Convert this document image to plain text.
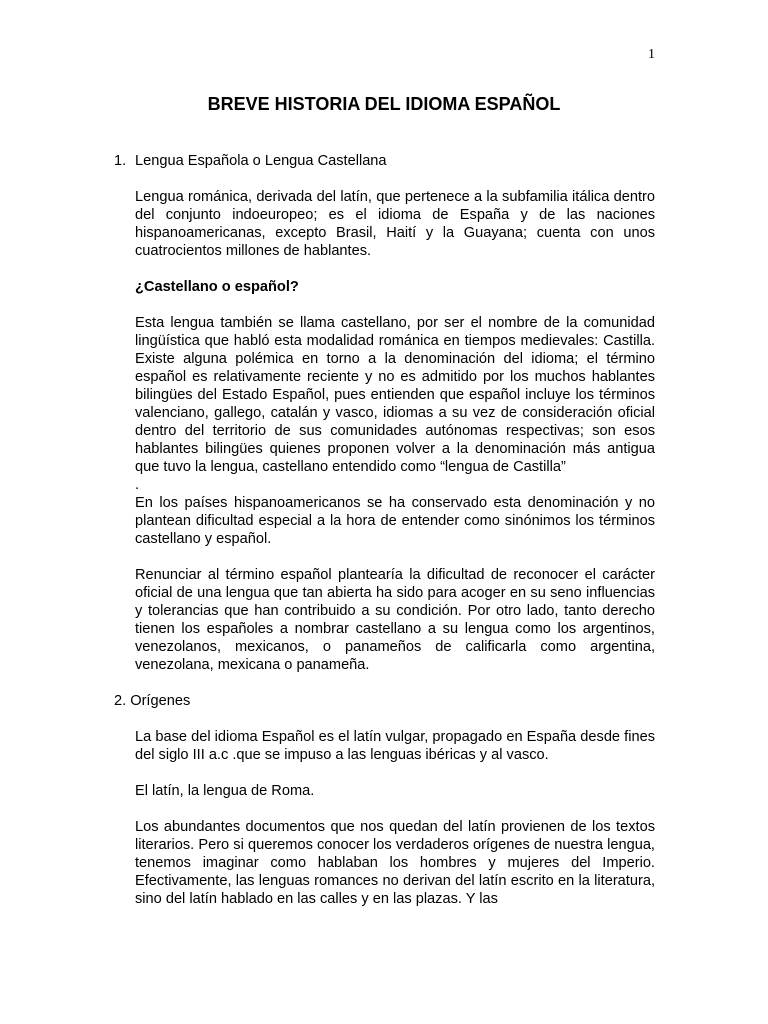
1
BREVE HISTORIA DEL IDIOMA ESPAÑOL
1. Lengua Española o Lengua Castellana

Lengua románica, derivada del latín, que pertenece a la subfamilia itálica dentro del conjunto indoeuropeo; es el idioma de España y de las naciones hispanoamericanas, excepto Brasil, Haití y la Guayana; cuenta con unos cuatrocientos millones de hablantes.

¿Castellano o español?

Esta lengua también se llama castellano, por ser el nombre de la comunidad lingüística que habló esta modalidad románica en tiempos medievales: Castilla. Existe alguna polémica en torno a la denominación del idioma; el término español es relativamente reciente y no es admitido por los muchos hablantes bilingües del Estado Español, pues entienden que español incluye los términos valenciano, gallego, catalán y vasco, idiomas a su vez de consideración oficial dentro del territorio de sus comunidades autónomas respectivas; son esos hablantes bilingües quienes proponen volver a la denominación más antigua que tuvo la lengua, castellano entendido como “lengua de Castilla”

.

En los países hispanoamericanos se ha conservado esta denominación y no plantean dificultad especial a la hora de entender como sinónimos los términos castellano y español.

Renunciar al término español plantearía la dificultad de reconocer el carácter oficial de una lengua que tan abierta ha sido para acoger en su seno influencias y tolerancias que han contribuido a su condición. Por otro lado, tanto derecho tienen los españoles a nombrar castellano a su lengua como los argentinos, venezolanos, mexicanos, o panameños de calificarla como argentina, venezolana, mexicana o panameña.

2. Orígenes

La base del idioma Español es el latín vulgar, propagado en España desde fines del siglo III a.c .que se impuso a las lenguas ibéricas y al vasco.

El latín, la lengua de Roma.

Los abundantes documentos que nos quedan del latín provienen de los textos literarios. Pero si queremos conocer los verdaderos orígenes de nuestra lengua, tenemos imaginar como hablaban los hombres y mujeres del Imperio. Efectivamente, las lenguas romances no derivan del latín escrito en la literatura, sino del latín hablado en las calles y en las plazas. Y las
